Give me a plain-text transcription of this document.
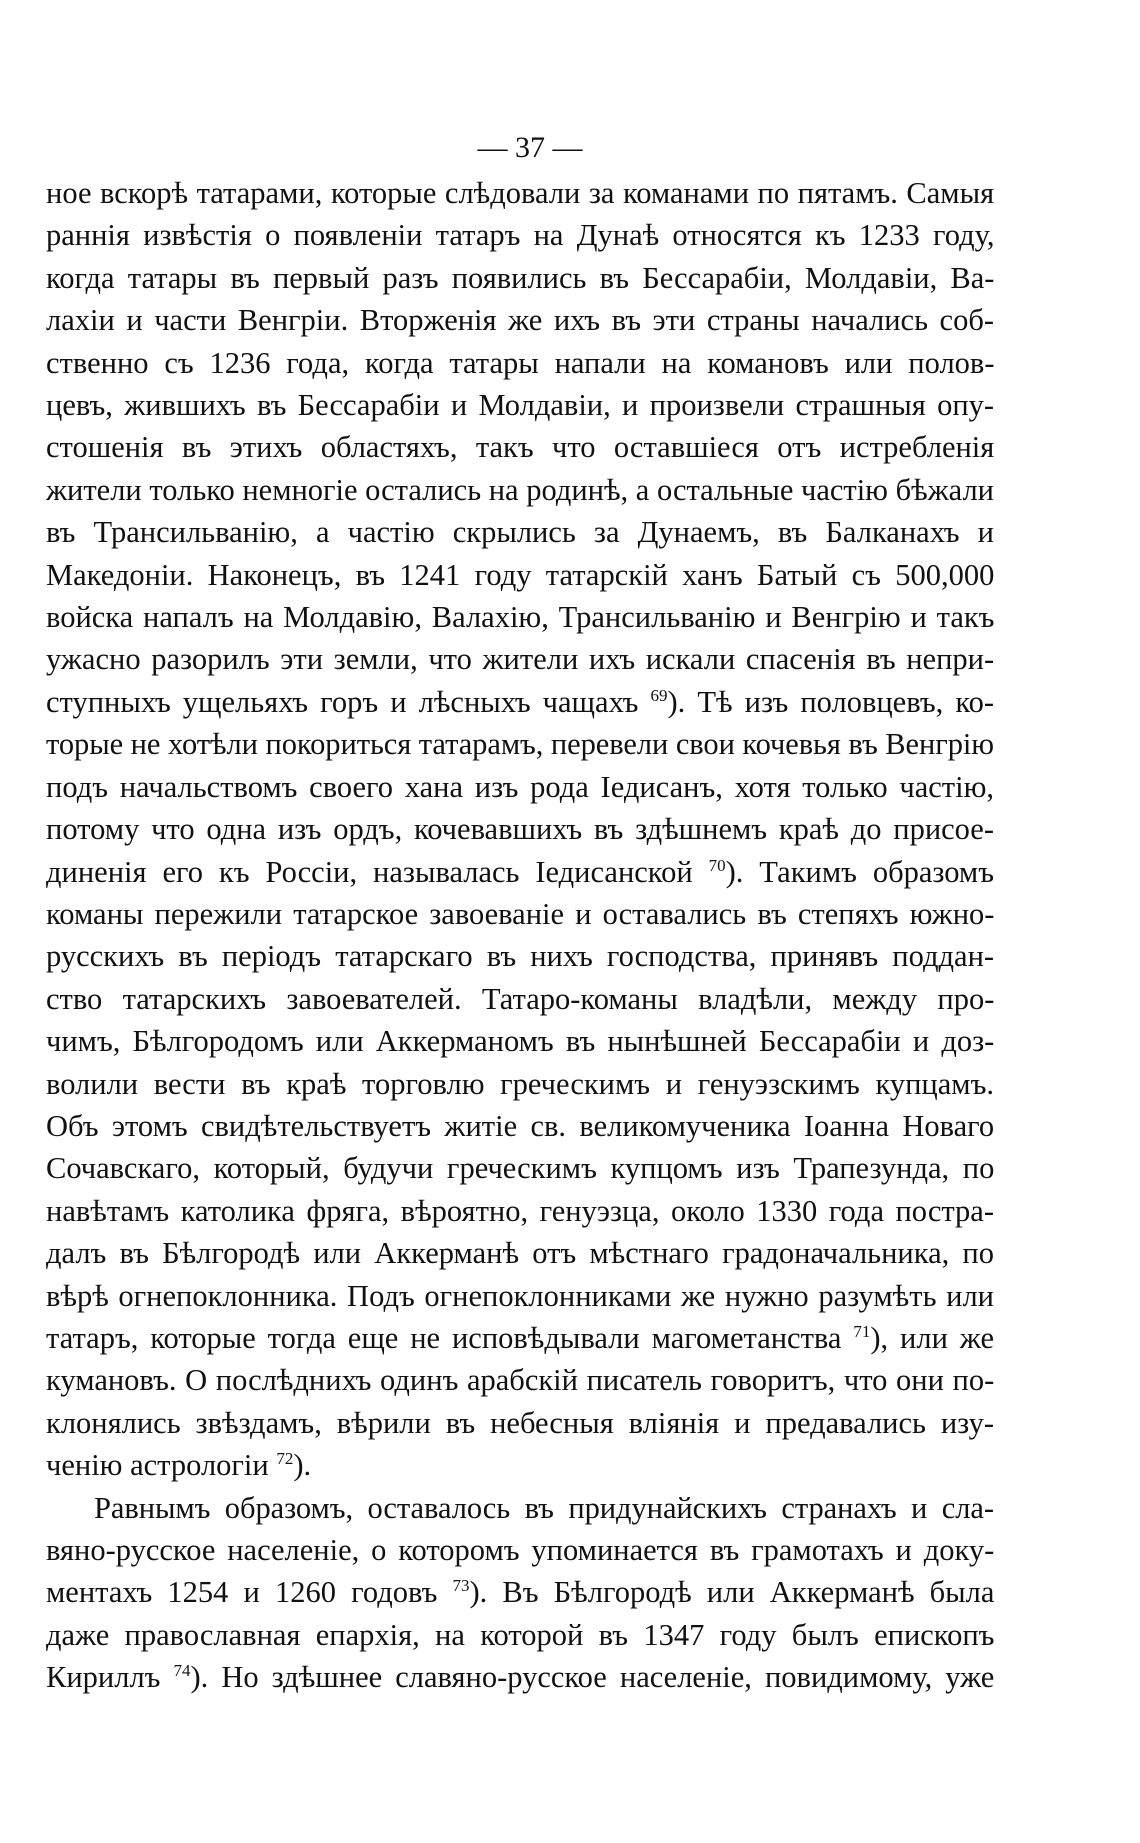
— 37 —
ное вскорѣ татарами, которые слѣдовали за команами по пятамъ. Самыя
раннія извѣстія о появленіи татаръ на Дунаѣ относятся къ 1233 году,
когда татары въ первый разъ появились въ Бессарабіи, Молдавіи, Ва-
лахіи и части Венгріи. Вторженія же ихъ въ эти страны начались соб-
ственно съ 1236 года, когда татары напали на комановъ или полов-
цевъ, жившихъ въ Бессарабіи и Молдавіи, и произвели страшныя опу-
стошенія въ этихъ областяхъ, такъ что оставшіеся отъ истребленія
жители только немногіе остались на родинѣ, а остальные частію бѣжали
въ Трансильванію, а частію скрылись за Дунаемъ, въ Балканахъ и
Македоніи. Наконецъ, въ 1241 году татарскій ханъ Батый съ 500,000
войска напалъ на Молдавію, Валахію, Трансильванію и Венгрію и такъ
ужасно разорилъ эти земли, что жители ихъ искали спасенія въ непри-
ступныхъ ущельяхъ горъ и лѣсныхъ чащахъ $^{69}$). Тѣ изъ половцевъ, ко-
торые не хотѣли покориться татарамъ, перевели свои кочевья въ Венгрію
подъ начальствомъ своего хана изъ рода Іедисанъ, хотя только частію,
потому что одна изъ ордъ, кочевавшихъ въ здѣшнемъ краѣ до присое-
диненія его къ Россіи, называлась Іедисанской $^{70}$). Такимъ образомъ
команы пережили татарское завоеваніе и оставались въ степяхъ южно-
русскихъ въ періодъ татарскаго въ нихъ господства, принявъ поддан-
ство татарскихъ завоевателей. Татаро-команы владѣли, между про-
чимъ, Бѣлгородомъ или Аккерманомъ въ нынѣшней Бессарабіи и доз-
волили вести въ краѣ торговлю греческимъ и генуэзскимъ купцамъ.
Объ этомъ свидѣтельствуетъ житіе св. великомученика Іоанна Новаго
Сочавскаго, который, будучи греческимъ купцомъ изъ Трапезунда, по
навѣтамъ католика фряга, вѣроятно, генуэзца, около 1330 года постра-
далъ въ Бѣлгородѣ или Аккерманѣ отъ мѣстнаго градоначальника, по
вѣрѣ огнепоклонника. Подъ огнепоклонниками же нужно разумѣть или
татаръ, которые тогда еще не исповѣдывали магометанства $^{71}$), или же
кумановъ. О послѣднихъ одинъ арабскій писатель говоритъ, что они по-
клонялись звѣздамъ, вѣрили въ небесныя вліянія и предавались изу-
ченію астрологіи $^{72}$).
Равнымъ образомъ, оставалось въ придунайскихъ странахъ и сла-
вяно-русское населеніе, о которомъ упоминается въ грамотахъ и доку-
ментахъ 1254 и 1260 годовъ $^{73}$). Въ Бѣлгородѣ или Аккерманѣ была
даже православная епархія, на которой въ 1347 году былъ епископъ
Кириллъ $^{74}$). Но здѣшнее славяно-русское населеніе, повидимому, уже
